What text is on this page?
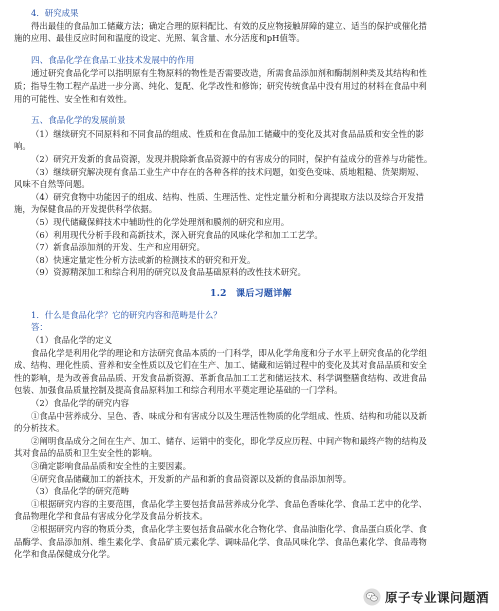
4．研究成果
得出最佳的食品加工储藏方法；确定合理的原料配比、有效的反应物接触屏障的建立、适当的保护或催化措
施的应用、最佳反应时间和温度的设定、光照、氧含量、水分活度和pH值等。
四、食品化学在食品工业技术发展中的作用
通过研究食品化学可以指明原有生物原料的物性是否需要改造，所需食品添加剂和酶制剂种类及其结构和性
质；指导生物工程产品进一步分离、纯化、复配、化学改性和修饰；研究传统食品中没有用过的材料在食品中利
用的可能性、安全性和有效性。
五、食品化学的发展前景
（1）继续研究不同原料和不同食品的组成、性质和在食品加工储藏中的变化及其对食品品质和安全性的影
响。
（2）研究开发新的食品资源，发现并脱除新食品资源中的有害成分的同时，保护有益成分的营养与功能性。
（3）继续研究解决现有食品工业生产中存在的各种各样的技术问题，如变色变味、质地粗糙、货架期短、
风味不自然等问题。
（4）研究食物中功能因子的组成、结构、性质、生理活性、定性定量分析和分离提取方法以及综合开发措
施，为保健食品的开发提供科学依据。
（5）现代储藏保鲜技术中辅助性的化学处理剂和膜剂的研究和应用。
（6）利用现代分析手段和高新技术，深入研究食品的风味化学和加工工艺学。
（7）新食品添加剂的开发、生产和应用研究。
（8）快速定量定性分析方法或新的检测技术的研究和开发。
（9）资源精深加工和综合利用的研究以及食品基础原料的改性技术研究。
1.2　课后习题详解
1．什么是食品化学？它的研究内容和范畴是什么？
答：
（1）食品化学的定义
食品化学是利用化学的理论和方法研究食品本质的一门科学，即从化学角度和分子水平上研究食品的化学组
成、结构、理化性质、营养和安全性质以及它们在生产、加工、储藏和运销过程中的变化及其对食品品质和安全
性的影响，是为改善食品品质、开发食品新资源、革新食品加工工艺和储运技术、科学调整膳食结构、改进食品
包装、加强食品质量控制及提高食品原料加工和综合利用水平奠定理论基础的一门学科。
（2）食品化学的研究内容
①食品中营养成分、呈色、香、味成分和有害成分以及生理活性物质的化学组成、性质、结构和功能以及新
的分析技术。
②阐明食品成分之间在生产、加工、储存、运销中的变化，即化学反应历程、中间产物和最终产物的结构及
其对食品的品质和卫生安全性的影响。
③确定影响食品品质和安全性的主要因素。
④研究食品储藏加工的新技术，开发新的产品和新的食品资源以及新的食品添加剂等。
（3）食品化学的研究范畴
①根据研究内容的主要范围，食品化学主要包括食品营养成分化学、食品色香味化学、食品工艺中的化学、
食品物理化学和食品有害成分化学及食品分析技术。
②根据研究内容的物质分类，食品化学主要包括食品碳水化合物化学、食品油脂化学、食品蛋白质化学、食
品酶学、食品添加剂、维生素化学、食品矿质元素化学、调味品化学、食品风味化学、食品色素化学、食品毒物
化学和食品保健成分化学。
原子专业课问题酒
